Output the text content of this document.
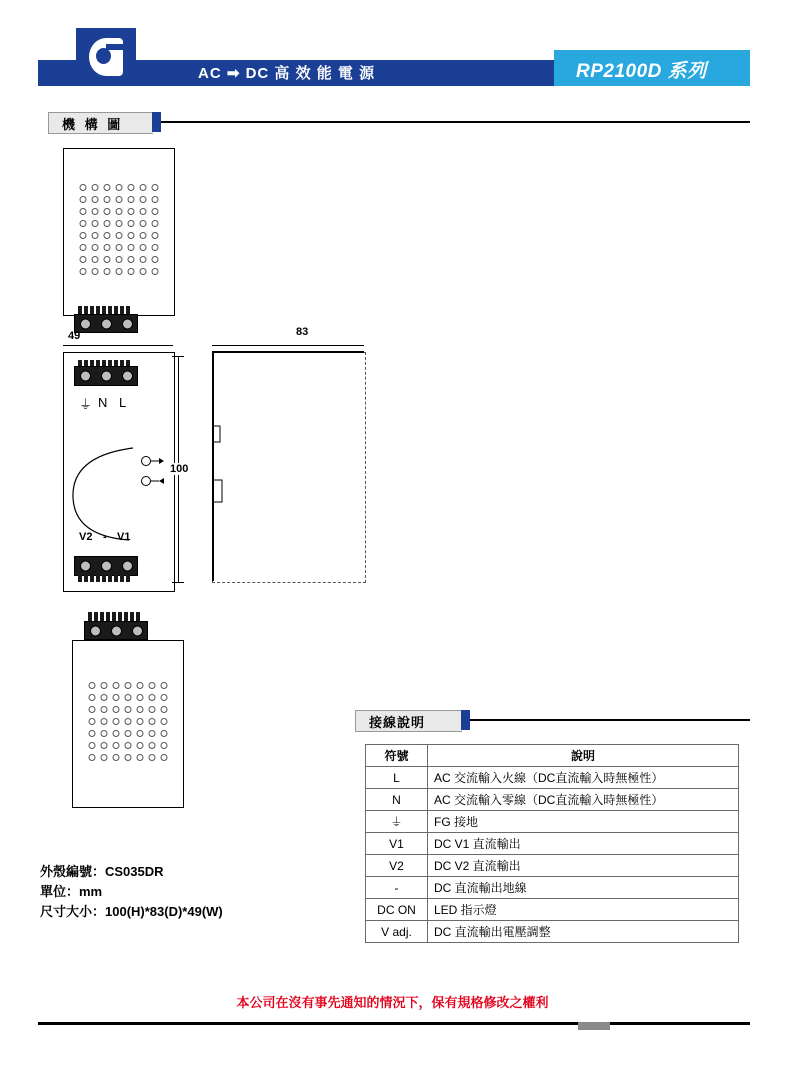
AC ➡ DC 高 效 能 電 源	RP2100D 系列
機 構 圖
49
⏚ N L
V2 - V1
100
83
外殼編號：CS035DR
單位：mm
尺寸大小：100(H)*83(D)*49(W)
接線說明
符號	說明
L	AC 交流輸入火線（DC直流輸入時無極性）
N	AC 交流輸入零線（DC直流輸入時無極性）
⏚	FG 接地
V1	DC V1 直流輸出
V2	DC V2 直流輸出
-	DC 直流輸出地線
DC ON	LED 指示燈
V adj.	DC 直流輸出電壓調整
本公司在沒有事先通知的情況下，保有規格修改之權利
